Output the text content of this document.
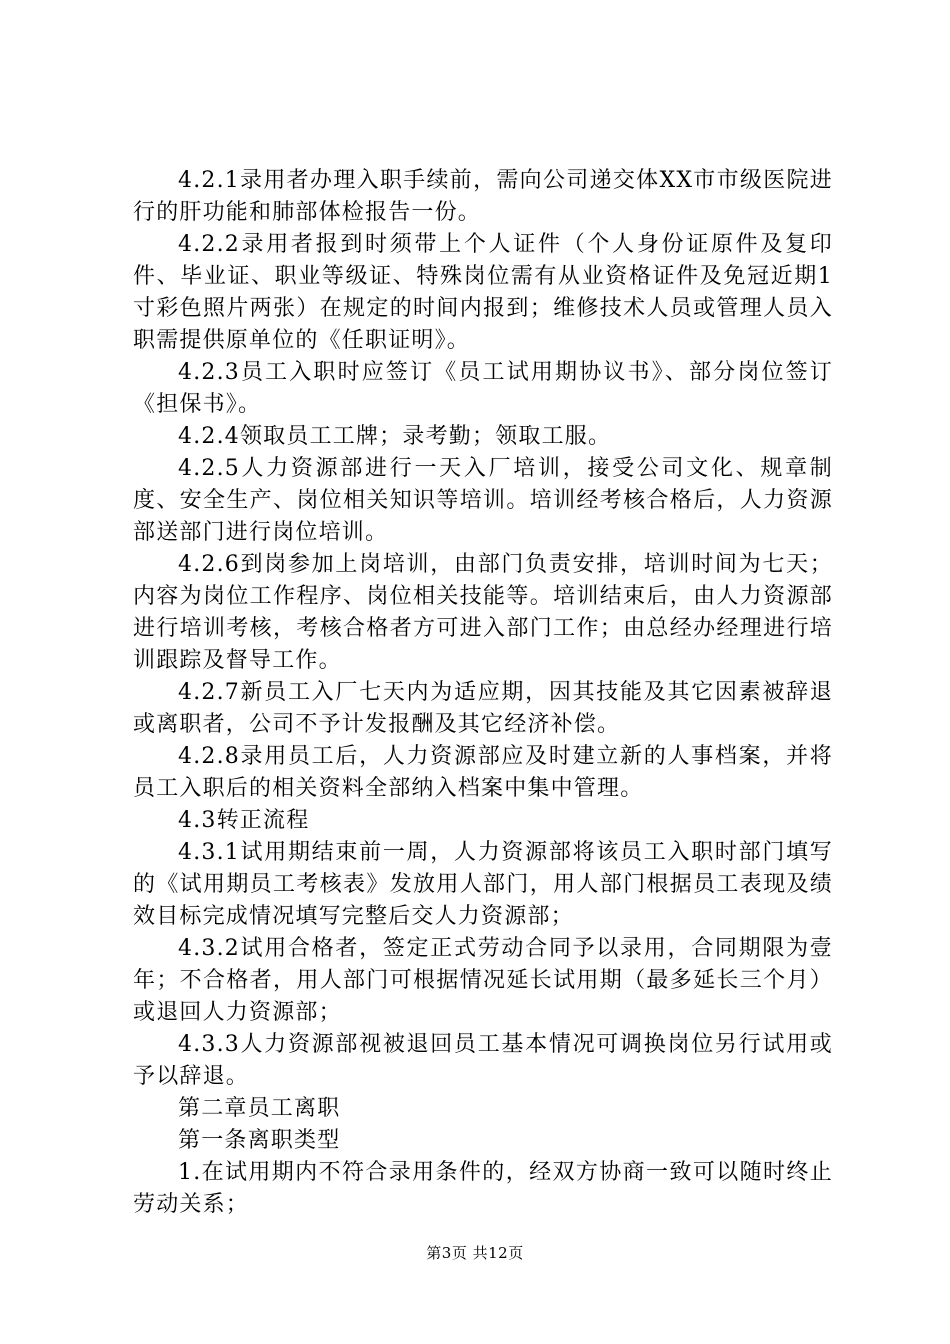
4.2.1录用者办理入职手续前，需向公司递交体XX市市级医院进行的肝功能和肺部体检报告一份。

4.2.2录用者报到时须带上个人证件（个人身份证原件及复印件、毕业证、职业等级证、特殊岗位需有从业资格证件及免冠近期1寸彩色照片两张）在规定的时间内报到；维修技术人员或管理人员入职需提供原单位的《任职证明》。

4.2.3员工入职时应签订《员工试用期协议书》、部分岗位签订《担保书》。

4.2.4领取员工工牌；录考勤；领取工服。

4.2.5人力资源部进行一天入厂培训，接受公司文化、规章制度、安全生产、岗位相关知识等培训。培训经考核合格后，人力资源部送部门进行岗位培训。

4.2.6到岗参加上岗培训，由部门负责安排，培训时间为七天；内容为岗位工作程序、岗位相关技能等。培训结束后，由人力资源部进行培训考核，考核合格者方可进入部门工作；由总经办经理进行培训跟踪及督导工作。

4.2.7新员工入厂七天内为适应期，因其技能及其它因素被辞退或离职者，公司不予计发报酬及其它经济补偿。

4.2.8录用员工后，人力资源部应及时建立新的人事档案，并将员工入职后的相关资料全部纳入档案中集中管理。

4.3转正流程

4.3.1试用期结束前一周，人力资源部将该员工入职时部门填写的《试用期员工考核表》发放用人部门，用人部门根据员工表现及绩效目标完成情况填写完整后交人力资源部；

4.3.2试用合格者，签定正式劳动合同予以录用，合同期限为壹年；不合格者，用人部门可根据情况延长试用期（最多延长三个月）或退回人力资源部；

4.3.3人力资源部视被退回员工基本情况可调换岗位另行试用或予以辞退。

第二章员工离职

第一条离职类型

1.在试用期内不符合录用条件的，经双方协商一致可以随时终止劳动关系；

第3页 共12页
